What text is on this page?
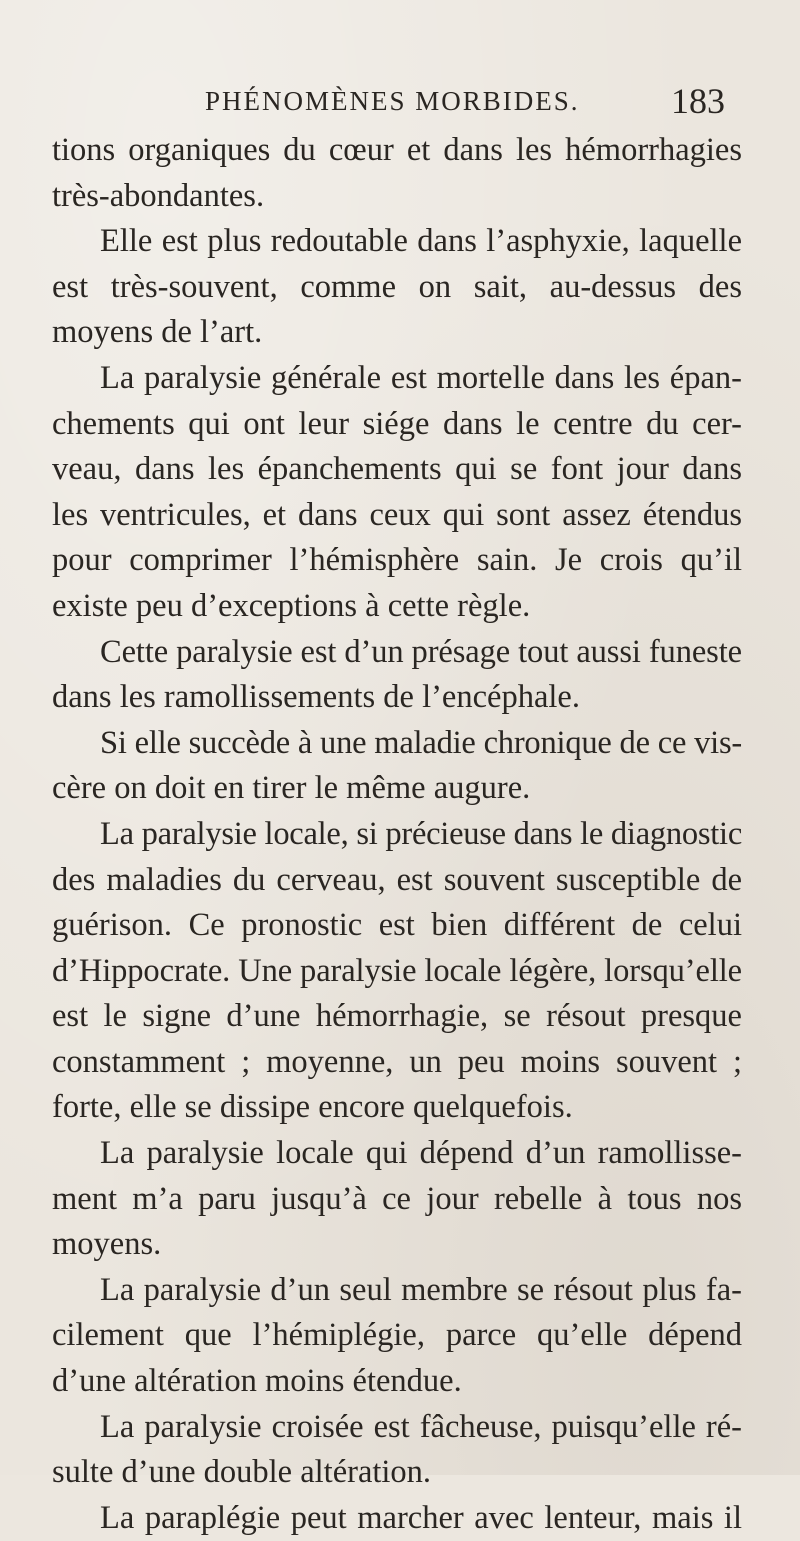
PHÉNOMÈNES MORBIDES.	183
tions organiques du cœur et dans les hémorrhagies
très-abondantes.
Elle est plus redoutable dans l’asphyxie, laquelle
est très-souvent, comme on sait, au-dessus des
moyens de l’art.
La paralysie générale est mortelle dans les épan-
chements qui ont leur siége dans le centre du cer-
veau, dans les épanchements qui se font jour dans
les ventricules, et dans ceux qui sont assez étendus
pour comprimer l’hémisphère sain. Je crois qu’il
existe peu d’exceptions à cette règle.
Cette paralysie est d’un présage tout aussi funeste
dans les ramollissements de l’encéphale.
Si elle succède à une maladie chronique de ce vis-
cère on doit en tirer le même augure.
La paralysie locale, si précieuse dans le diagnostic
des maladies du cerveau, est souvent susceptible de
guérison. Ce pronostic est bien différent de celui
d’Hippocrate. Une paralysie locale légère, lorsqu’elle
est le signe d’une hémorrhagie, se résout presque
constamment ; moyenne, un peu moins souvent ;
forte, elle se dissipe encore quelquefois.
La paralysie locale qui dépend d’un ramollisse-
ment m’a paru jusqu’à ce jour rebelle à tous nos
moyens.
La paralysie d’un seul membre se résout plus fa-
cilement que l’hémiplégie, parce qu’elle dépend
d’une altération moins étendue.
La paralysie croisée est fâcheuse, puisqu’elle ré-
sulte d’une double altération.
La paraplégie peut marcher avec lenteur, mais il
